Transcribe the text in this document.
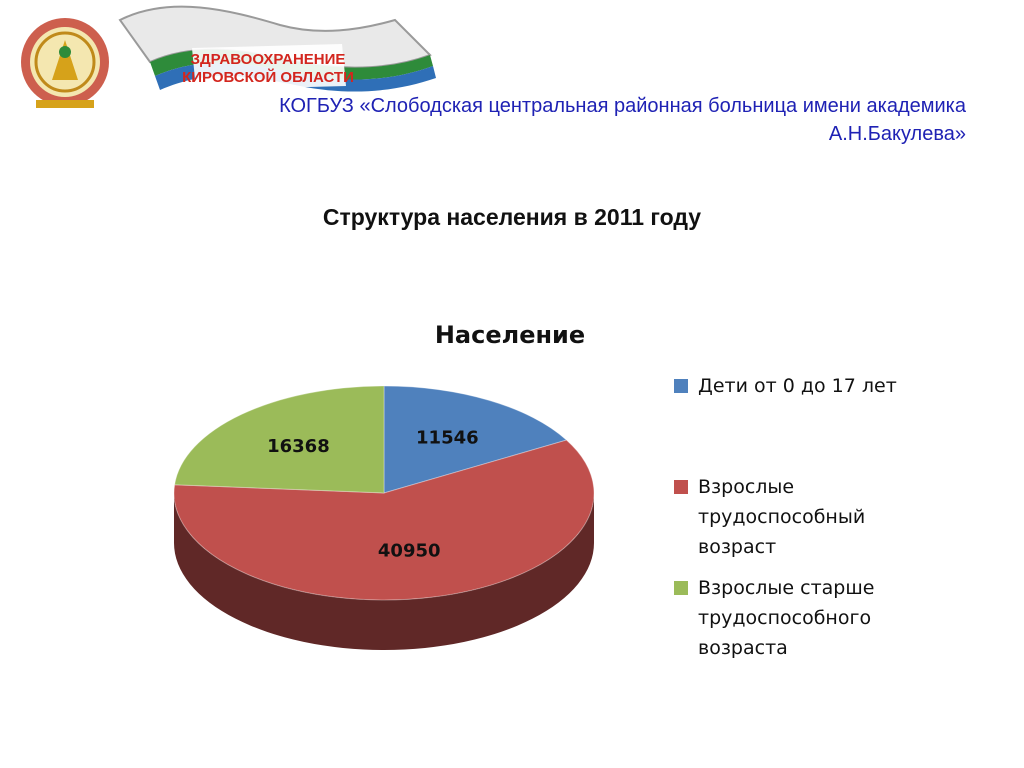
ЗДРАВООХРАНЕНИЕ
КИРОВСКОЙ ОБЛАСТИ
КОГБУЗ «Слободская центральная районная больница имени академика
А.Н.Бакулева»
Структура населения в 2011 году
Население
11546
40950
16368
Дети от 0 до 17 лет
Взрослые трудоспособный возраст
Взрослые старше трудоспособного возраста
